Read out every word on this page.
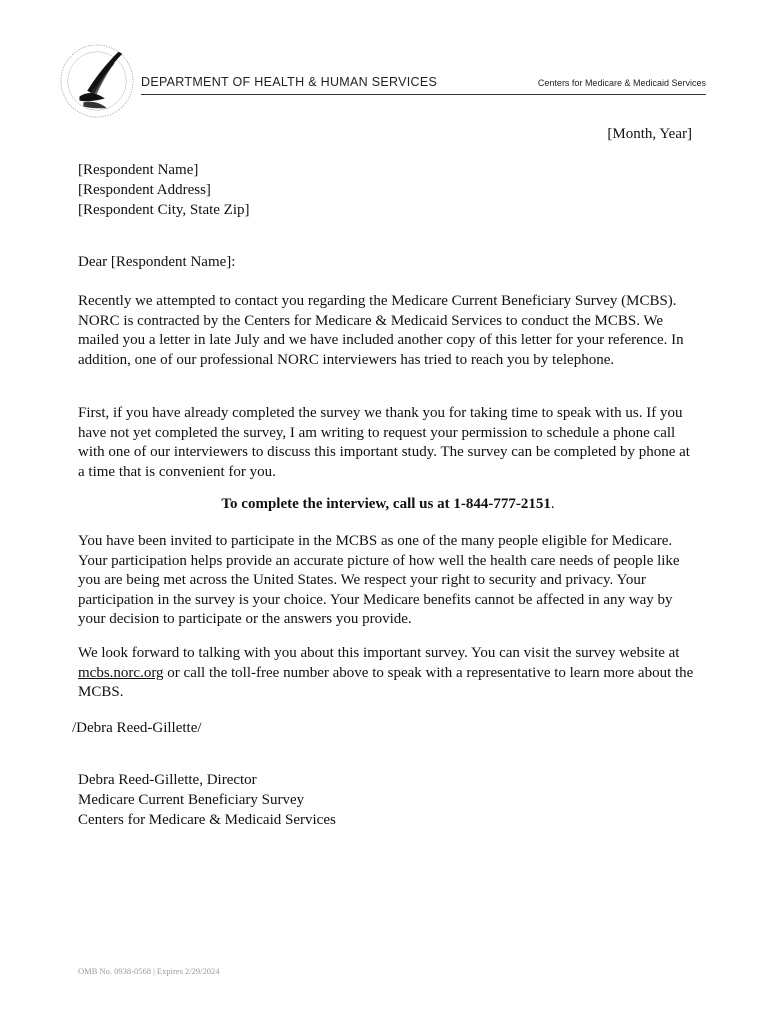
DEPARTMENT OF HEALTH & HUMAN SERVICES	Centers for Medicare & Medicaid Services
[Month, Year]
[Respondent Name]
[Respondent Address]
[Respondent City, State Zip]
Dear [Respondent Name]:
Recently we attempted to contact you regarding the Medicare Current Beneficiary Survey (MCBS). NORC is contracted by the Centers for Medicare & Medicaid Services to conduct the MCBS. We mailed you a letter in late July and we have included another copy of this letter for your reference. In addition, one of our professional NORC interviewers has tried to reach you by telephone.
First, if you have already completed the survey we thank you for taking time to speak with us. If you have not yet completed the survey, I am writing to request your permission to schedule a phone call with one of our interviewers to discuss this important study. The survey can be completed by phone at a time that is convenient for you.
To complete the interview, call us at 1-844-777-2151.
You have been invited to participate in the MCBS as one of the many people eligible for Medicare. Your participation helps provide an accurate picture of how well the health care needs of people like you are being met across the United States. We respect your right to security and privacy. Your participation in the survey is your choice. Your Medicare benefits cannot be affected in any way by your decision to participate or the answers you provide.
We look forward to talking with you about this important survey. You can visit the survey website at mcbs.norc.org or call the toll-free number above to speak with a representative to learn more about the MCBS.
/Debra Reed-Gillette/
Debra Reed-Gillette, Director
Medicare Current Beneficiary Survey
Centers for Medicare & Medicaid Services
OMB No. 0938-0568 | Expires 2/29/2024
